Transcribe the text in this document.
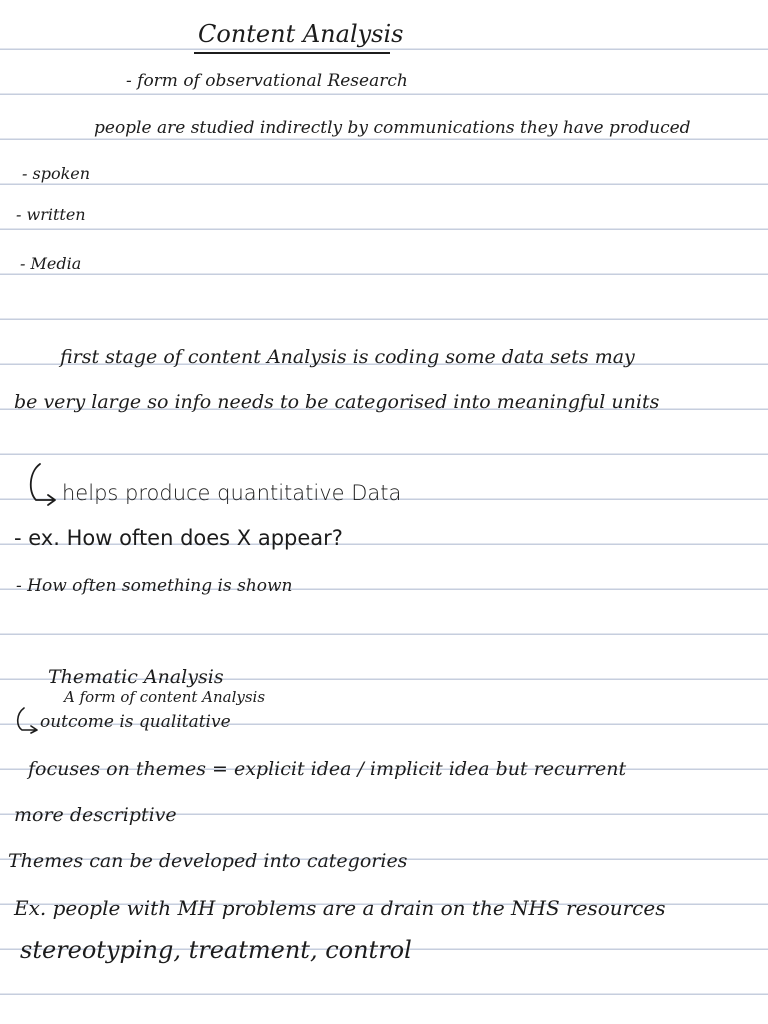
Content Analysis

- form of observational Research

people are studied indirectly by communications they have produced

- spoken

- written

- Media

first stage of content Analysis is coding some data sets may

be very large so info needs to be categorised into meaningful units

helps produce quantitative Data

- ex. How often does X appear?

- How often something is shown

Thematic Analysis

A form of content Analysis

outcome is qualitative

focuses on themes = explicit idea / implicit idea but recurrent

more descriptive

Themes can be developed into categories

Ex. people with MH problems are a drain on the NHS resources

stereotyping, treatment, control
